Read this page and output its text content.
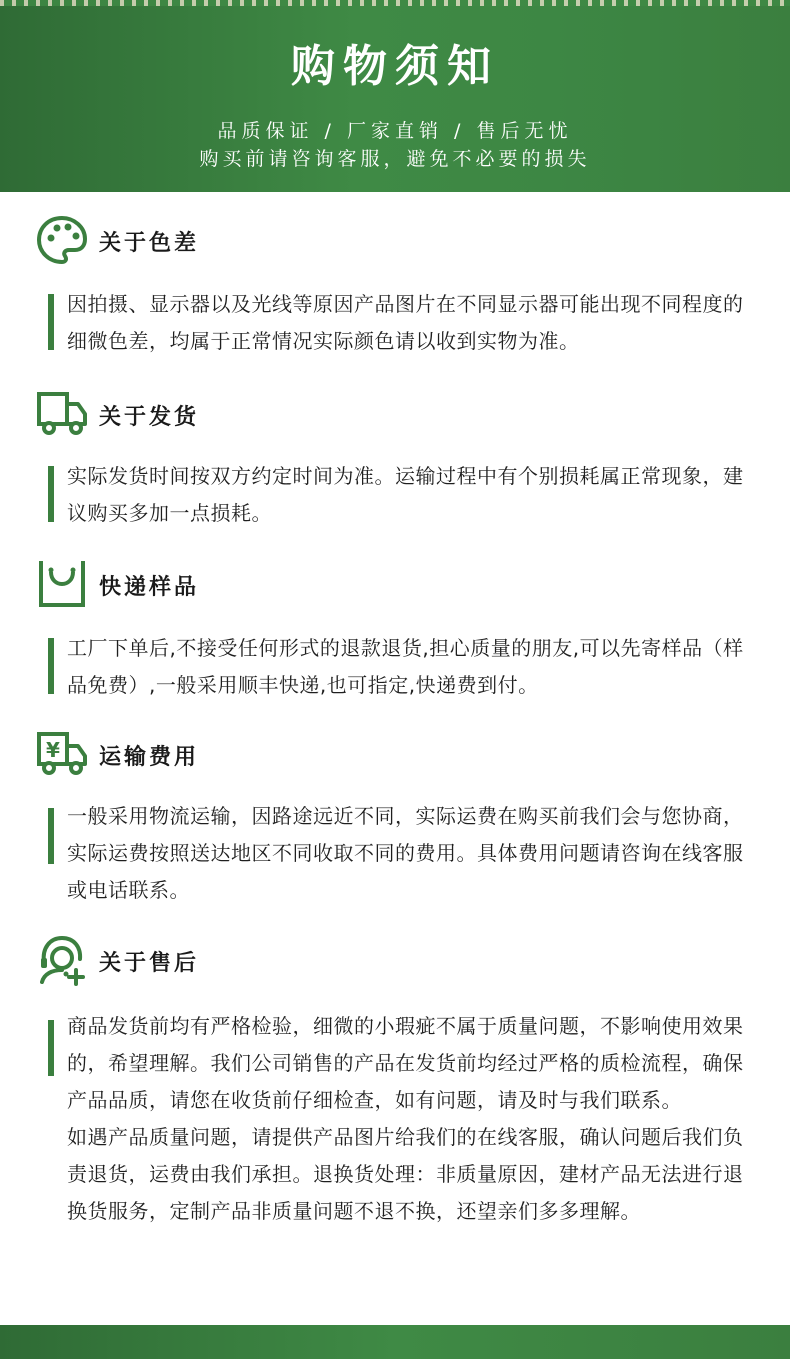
购物须知
品质保证 / 厂家直销 / 售后无忧
购买前请咨询客服，避免不必要的损失
关于色差
因拍摄、显示器以及光线等原因产品图片在不同显示器可能出现不同程度的细微色差，均属于正常情况实际颜色请以收到实物为准。
关于发货
实际发货时间按双方约定时间为准。运输过程中有个别损耗属正常现象，建议购买多加一点损耗。
快递样品
工厂下单后,不接受任何形式的退款退货,担心质量的朋友,可以先寄样品（样品免费）,一般采用顺丰快递,也可指定,快递费到付。
¥ 运输费用
一般采用物流运输，因路途远近不同，实际运费在购买前我们会与您协商，实际运费按照送达地区不同收取不同的费用。具体费用问题请咨询在线客服或电话联系。
关于售后
商品发货前均有严格检验，细微的小瑕疵不属于质量问题，不影响使用效果的，希望理解。我们公司销售的产品在发货前均经过严格的质检流程，确保产品品质，请您在收货前仔细检查，如有问题，请及时与我们联系。
如遇产品质量问题，请提供产品图片给我们的在线客服，确认问题后我们负责退货，运费由我们承担。退换货处理：非质量原因，建材产品无法进行退换货服务，定制产品非质量问题不退不换，还望亲们多多理解。
